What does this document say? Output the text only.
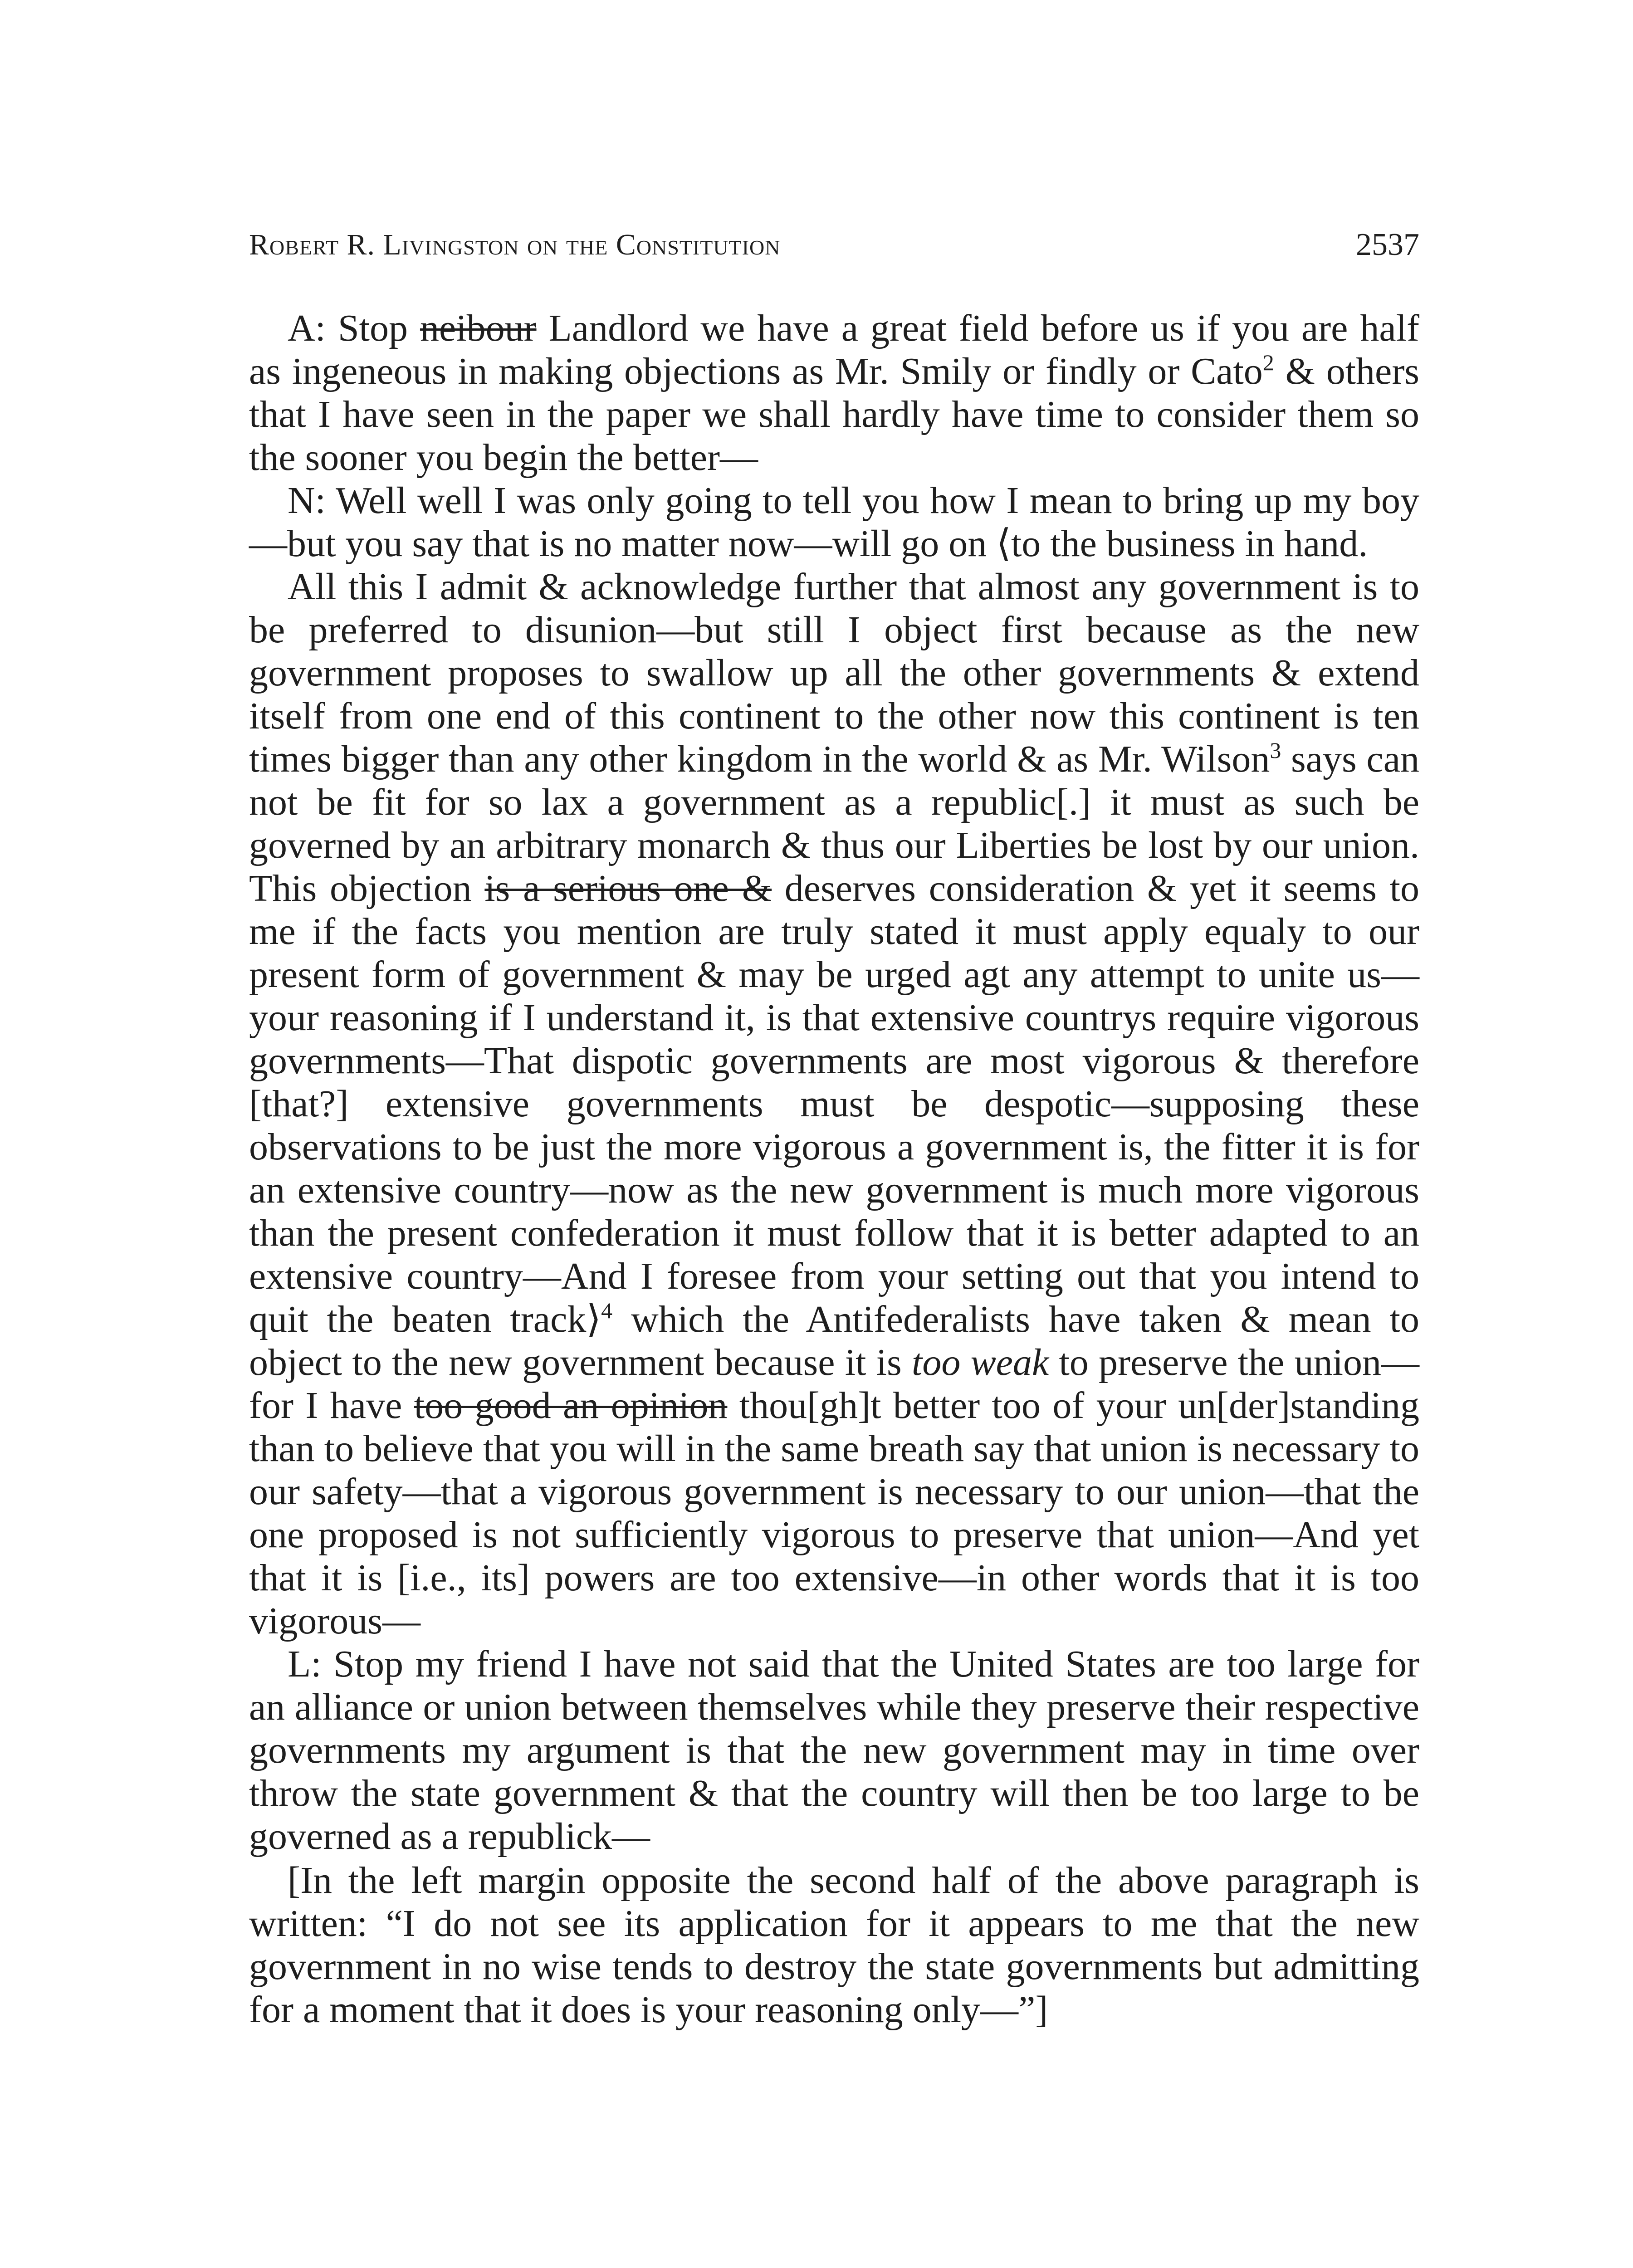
Robert R. Livingston on the Constitution	2537

A: Stop neibour Landlord we have a great field before us if you are half as ingeneous in making objections as Mr. Smily or findly or Cato$^2$ & others that I have seen in the paper we shall hardly have time to consider them so the sooner you begin the better—

N: Well well I was only going to tell you how I mean to bring up my boy—but you say that is no matter now—will go on ⟨to the business in hand.

All this I admit & acknowledge further that almost any government is to be preferred to disunion—but still I object first because as the new government proposes to swallow up all the other governments & extend itself from one end of this continent to the other now this continent is ten times bigger than any other kingdom in the world & as Mr. Wilson$^3$ says can not be fit for so lax a government as a republic[.] it must as such be governed by an arbitrary monarch & thus our Liberties be lost by our union. This objection is a serious one & deserves consideration & yet it seems to me if the facts you mention are truly stated it must apply equaly to our present form of government & may be urged agt any attempt to unite us—your reasoning if I understand it, is that extensive countrys require vigorous governments—That dispotic governments are most vigorous & therefore [that?] extensive governments must be despotic—supposing these observations to be just the more vigorous a government is, the fitter it is for an extensive country—now as the new government is much more vigorous than the present confederation it must follow that it is better adapted to an extensive country—And I foresee from your setting out that you intend to quit the beaten track⟩$^4$ which the Antifederalists have taken & mean to object to the new government because it is too weak to preserve the union—for I have too good an opinion thou[gh]t better too of your un[der]standing than to believe that you will in the same breath say that union is necessary to our safety—that a vigorous government is necessary to our union—that the one proposed is not sufficiently vigorous to preserve that union—And yet that it is [i.e., its] powers are too extensive—in other words that it is too vigorous—

L: Stop my friend I have not said that the United States are too large for an alliance or union between themselves while they preserve their respective governments my argument is that the new government may in time over throw the state government & that the country will then be too large to be governed as a republick—

[In the left margin opposite the second half of the above paragraph is written: “I do not see its application for it appears to me that the new government in no wise tends to destroy the state governments but admitting for a moment that it does is your reasoning only—”]
